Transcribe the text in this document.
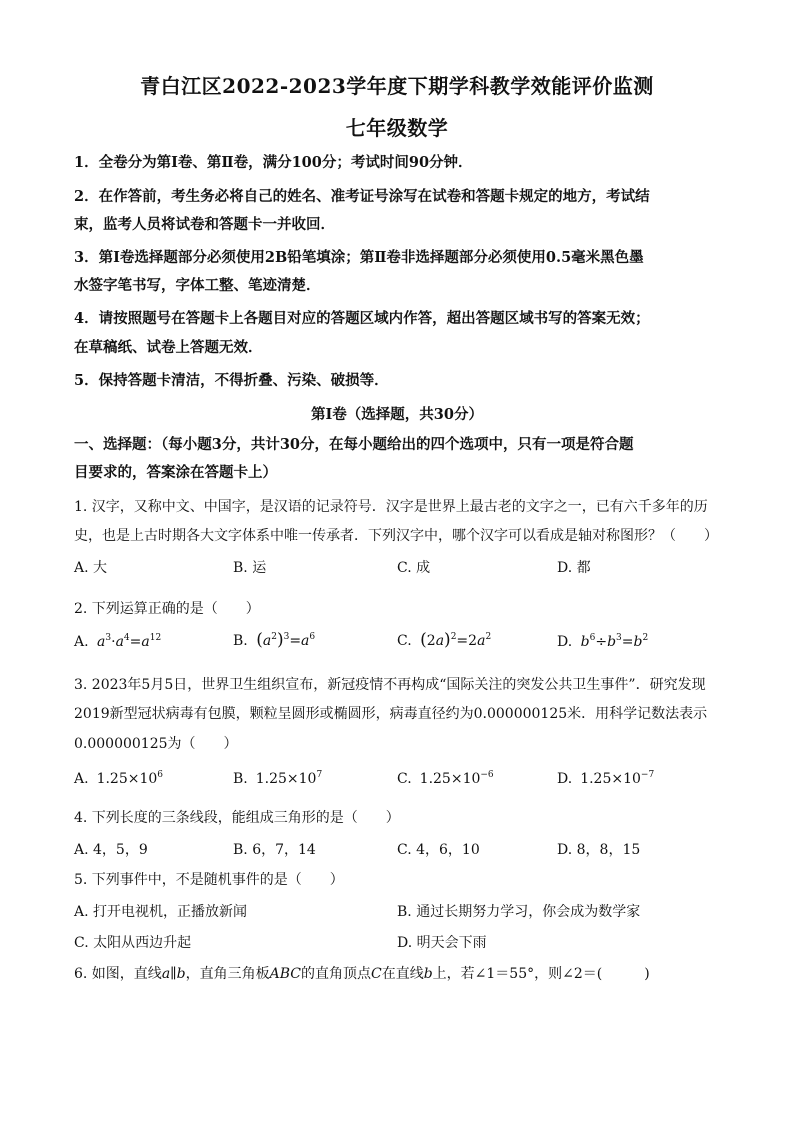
青白江区2022-2023学年度下期学科教学效能评价监测
七年级数学
1．全卷分为第Ⅰ卷、第Ⅱ卷，满分100分；考试时间90分钟．
2．在作答前，考生务必将自己的姓名、准考证号涂写在试卷和答题卡规定的地方，考试结
束，监考人员将试卷和答题卡一并收回．
3．第Ⅰ卷选择题部分必须使用2B铅笔填涂；第Ⅱ卷非选择题部分必须使用0.5毫米黑色墨
水签字笔书写，字体工整、笔迹清楚．
4．请按照题号在答题卡上各题目对应的答题区域内作答，超出答题区域书写的答案无效；
在草稿纸、试卷上答题无效．
5．保持答题卡清洁，不得折叠、污染、破损等．
第Ⅰ卷（选择题，共30分）
一、选择题：（每小题3分，共计30分，在每小题给出的四个选项中，只有一项是符合题
目要求的，答案涂在答题卡上）
1. 汉字，又称中文、中国字，是汉语的记录符号．汉字是世界上最古老的文字之一，已有六千多年的历
史，也是上古时期各大文字体系中唯一传承者．下列汉字中，哪个汉字可以看成是轴对称图形？（　　）
A. 大	B. 运	C. 成	D. 都
2. 下列运算正确的是（　　）
A. $a^3\cdot a^4=a^{12}$	B. $(a^2)^3=a^6$	C. $(2a)^2=2a^2$	D. $b^6\div b^3=b^2$
3. 2023年5月5日，世界卫生组织宣布，新冠疫情不再构成“国际关注的突发公共卫生事件”．研究发现
2019新型冠状病毒有包膜，颗粒呈圆形或椭圆形，病毒直径约为0.000000125米．用科学记数法表示
0.000000125为（　　）
A. $1.25\times 10^6$	B. $1.25\times 10^7$	C. $1.25\times 10^{-6}$	D. $1.25\times 10^{-7}$
4. 下列长度的三条线段，能组成三角形的是（　　）
A. 4，5，9	B. 6，7，14	C. 4，6，10	D. 8，8，15
5. 下列事件中，不是随机事件的是（　　）
A. 打开电视机，正播放新闻	B. 通过长期努力学习，你会成为数学家
C. 太阳从西边升起	D. 明天会下雨
6. 如图，直线a∥b，直角三角板ABC的直角顶点C在直线b上，若∠1＝55°，则∠2＝(　　　)
